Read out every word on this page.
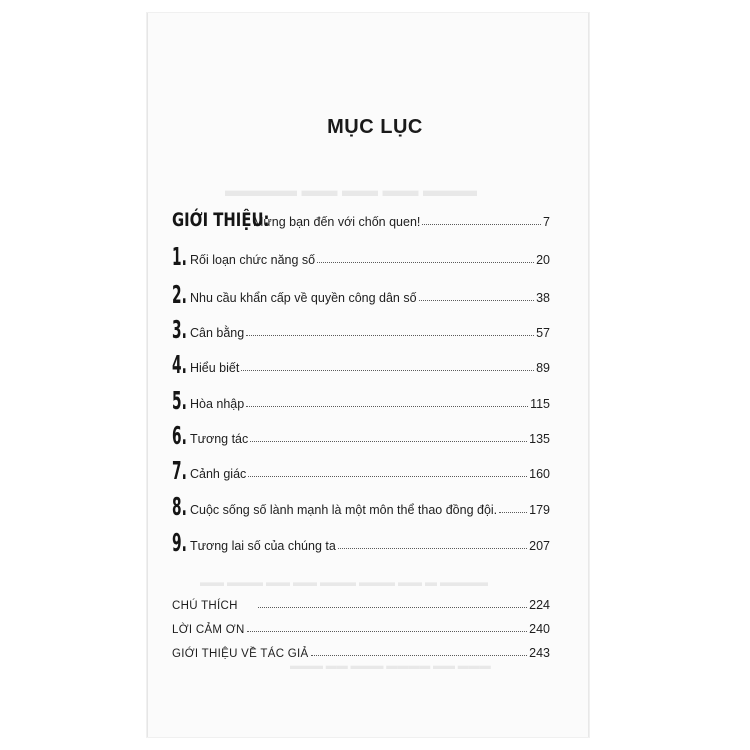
▬▬▬ ▬▬ ▬▬ ▬▬ ▬▬▬▬
▬▬▬▬ ▬ ▬▬ ▬▬▬ ▬▬▬ ▬▬ ▬▬ ▬▬▬ ▬▬
▬▬▬ ▬▬ ▬▬▬▬ ▬▬▬ ▬▬ ▬▬▬
MỤC LỤC
GIỚI THIỆU:
Mừng bạn đến với chốn quen!	7
1. Rối loạn chức năng số	20
2. Nhu cầu khẩn cấp về quyền công dân số	38
3. Cân bằng	57
4. Hiểu biết	89
5. Hòa nhập	115
6. Tương tác	135
7. Cảnh giác	160
8. Cuộc sống số lành mạnh là một môn thể thao đồng đội.	179
9. Tương lai số của chúng ta	207
CHÚ THÍCH	224
LỜI CẢM ƠN	240
GIỚI THIỆU VỀ TÁC GIẢ	243
